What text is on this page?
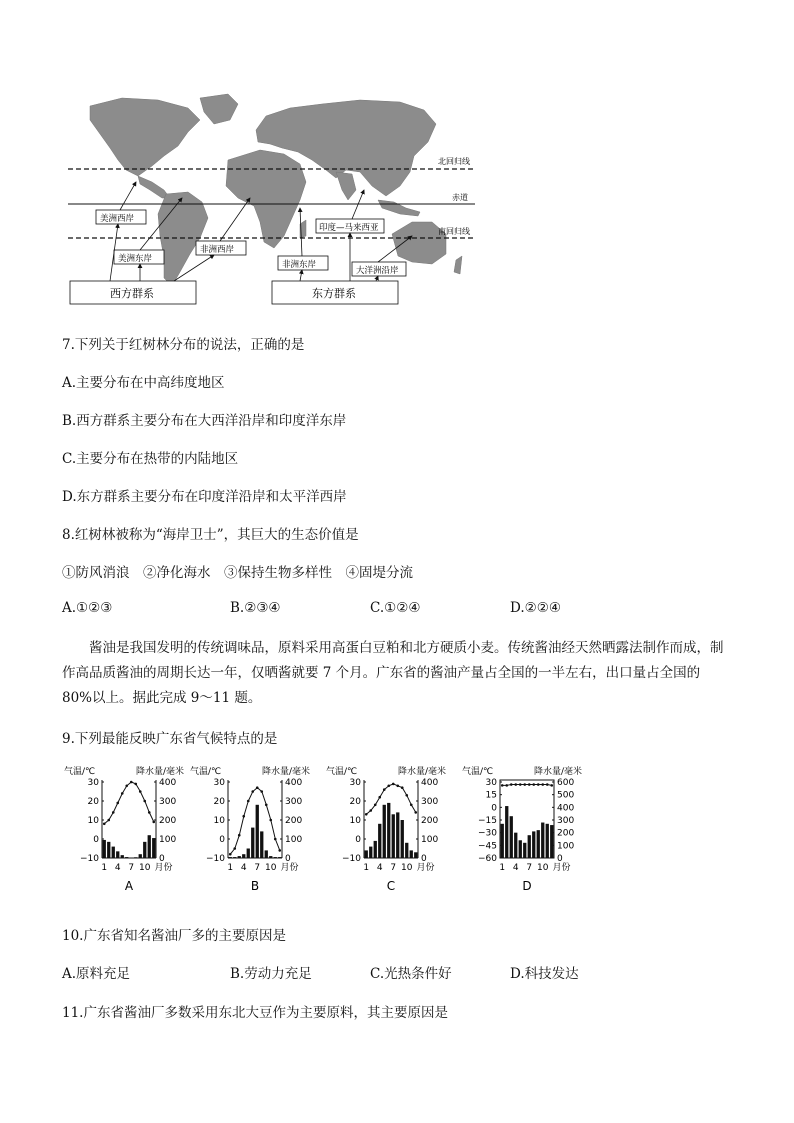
北回归线
赤道
南回归线
美洲西岸
美洲东岸
非洲西岸
非洲东岸
印度—马来西亚
大洋洲沿岸
西方群系	东方群系
7.下列关于红树林分布的说法，正确的是
A.主要分布在中高纬度地区
B.西方群系主要分布在大西洋沿岸和印度洋东岸
C.主要分布在热带的内陆地区
D.东方群系主要分布在印度洋沿岸和太平洋西岸
8.红树林被称为“海岸卫士”，其巨大的生态价值是
①防风消浪　②净化海水　③保持生物多样性　④固堤分流
A.①②③	B.②③④	C.①②④	D.②②④
酱油是我国发明的传统调味品，原料采用高蛋白豆粕和北方硬质小麦。传统酱油经天然晒露法制作而成，制作高品质酱油的周期长达一年，仅晒酱就要 7 个月。广东省的酱油产量占全国的一半左右，出口量占全国的 80%以上。据此完成 9～11 题。
9.下列最能反映广东省气候特点的是
气温/℃	降水量/毫米
30
20
10
0
−10
400
300
200
100
0
1 4 7 10 月份
A
气温/℃	降水量/毫米
30
20
10
0
−10
400
300
200
100
0
1 4 7 10 月份
B
气温/℃	降水量/毫米
30
20
10
0
−10
400
300
200
100
0
1 4 7 10 月份
C
气温/℃	降水量/毫米
30
15
0
−15
−30
−45
−60
600
500
400
300
200
100
0
1 4 7 10 月份
D
10.广东省知名酱油厂多的主要原因是
A.原料充足	B.劳动力充足	C.光热条件好	D.科技发达
11.广东省酱油厂多数采用东北大豆作为主要原料，其主要原因是
